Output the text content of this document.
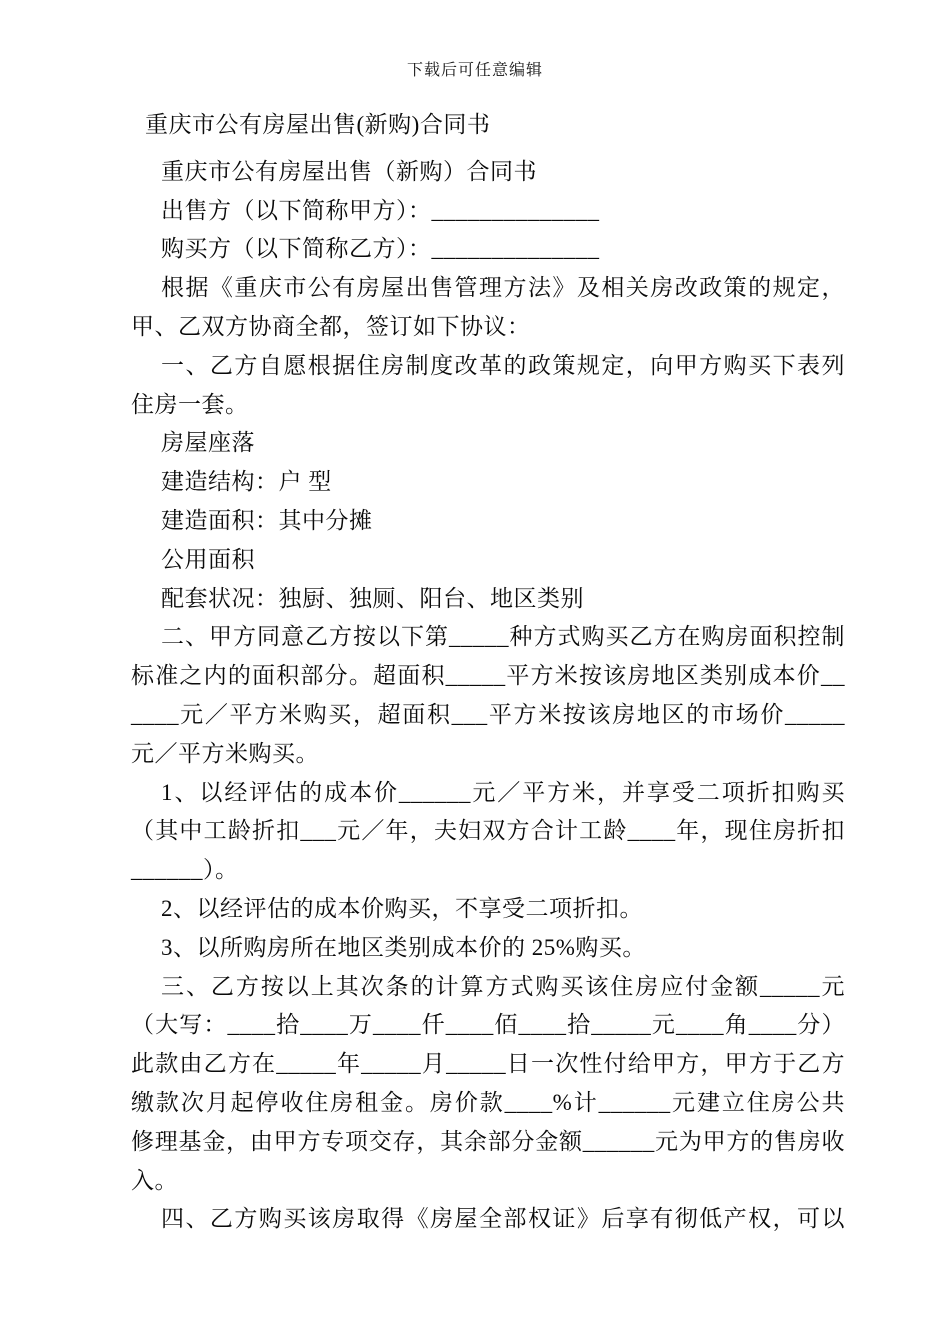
下载后可任意编辑
重庆市公有房屋出售(新购)合同书
重庆市公有房屋出售（新购）合同书
出售方（以下简称甲方）：______________
购买方（以下简称乙方）：______________
根据《重庆市公有房屋出售管理方法》及相关房改政策的规定，
甲、乙双方协商全都，签订如下协议：
一、乙方自愿根据住房制度改革的政策规定，向甲方购买下表列
住房一套。
房屋座落
建造结构：户 型
建造面积：其中分摊
公用面积
配套状况：独厨、独厕、阳台、地区类别
二、甲方同意乙方按以下第_____种方式购买乙方在购房面积控制
标准之内的面积部分。超面积_____平方米按该房地区类别成本价__
____元／平方米购买，超面积___平方米按该房地区的市场价_____
元／平方米购买。
1、以经评估的成本价______元／平方米，并享受二项折扣购买
（其中工龄折扣___元／年，夫妇双方合计工龄____年，现住房折扣
______）。
2、以经评估的成本价购买，不享受二项折扣。
3、以所购房所在地区类别成本价的 25%购买。
三、乙方按以上其次条的计算方式购买该住房应付金额_____元
（大写：____拾____万____仟____佰____拾_____元____角____分）
此款由乙方在_____年_____月_____日一次性付给甲方，甲方于乙方
缴款次月起停收住房租金。房价款____%计______元建立住房公共
修理基金，由甲方专项交存，其余部分金额______元为甲方的售房收
入。
四、乙方购买该房取得《房屋全部权证》后享有彻低产权，可以
